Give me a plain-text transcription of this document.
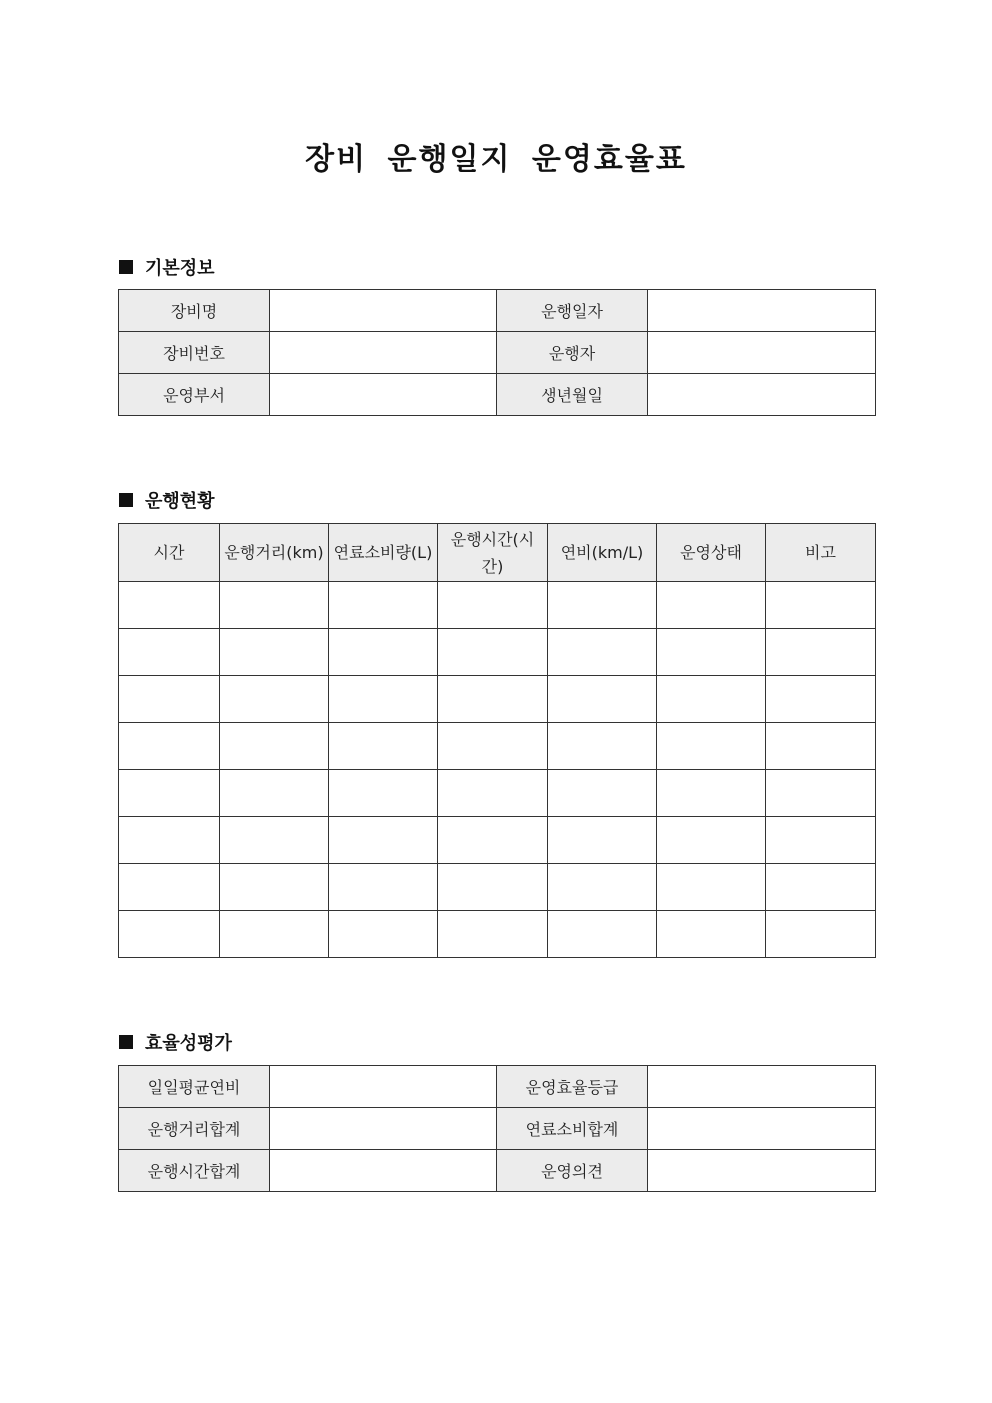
장비 운행일지 운영효율표
기본정보
장비명		운행일자	
장비번호		운행자	
운영부서		생년월일	
운행현황
시간	운행거리(km)	연료소비량(L)	운행시간(시간)	연비(km/L)	운영상태	비고

효율성평가
일일평균연비		운영효율등급	
운행거리합계		연료소비합계	
운행시간합계		운영의견	
